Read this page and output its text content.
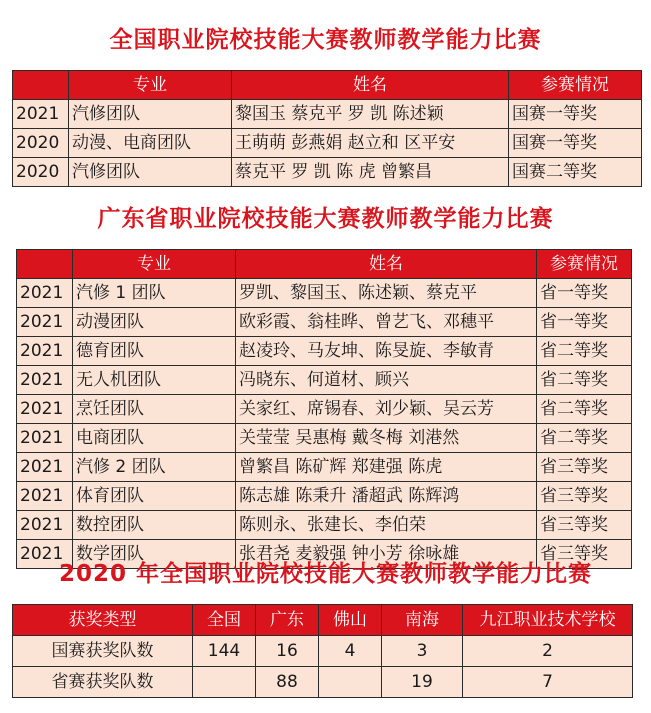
全国职业院校技能大赛教师教学能力比赛
	专业	姓名	参赛情况
2021	汽修团队	黎国玉 蔡克平 罗 凯 陈述颖	国赛一等奖
2020	动漫、电商团队	王萌萌 彭燕娟 赵立和 区平安	国赛一等奖
2020	汽修团队	蔡克平 罗 凯 陈 虎 曾繁昌	国赛二等奖
广东省职业院校技能大赛教师教学能力比赛
	专业	姓名	参赛情况
2021	汽修 1 团队	罗凯、黎国玉、陈述颖、蔡克平	省一等奖
2021	动漫团队	欧彩霞、翁桂晔、曾艺飞、邓穗平	省一等奖
2021	德育团队	赵凌玲、马友坤、陈旻旋、李敏青	省二等奖
2021	无人机团队	冯晓东、何道材、顾兴	省二等奖
2021	烹饪团队	关家红、席锡春、刘少颖、吴云芳	省二等奖
2021	电商团队	关莹莹 吴惠梅 戴冬梅 刘港然	省二等奖
2021	汽修 2 团队	曾繁昌 陈矿辉 郑建强 陈虎	省三等奖
2021	体育团队	陈志雄 陈秉升 潘超武 陈辉鸿	省三等奖
2021	数控团队	陈则永、张建长、李伯荣	省三等奖
2021	数学团队	张君尧 麦毅强 钟小芳 徐咏雄	省三等奖
2020 年全国职业院校技能大赛教师教学能力比赛
获奖类型	全国	广东	佛山	南海	九江职业技术学校
国赛获奖队数	144	16	4	3	2
省赛获奖队数		88		19	7
